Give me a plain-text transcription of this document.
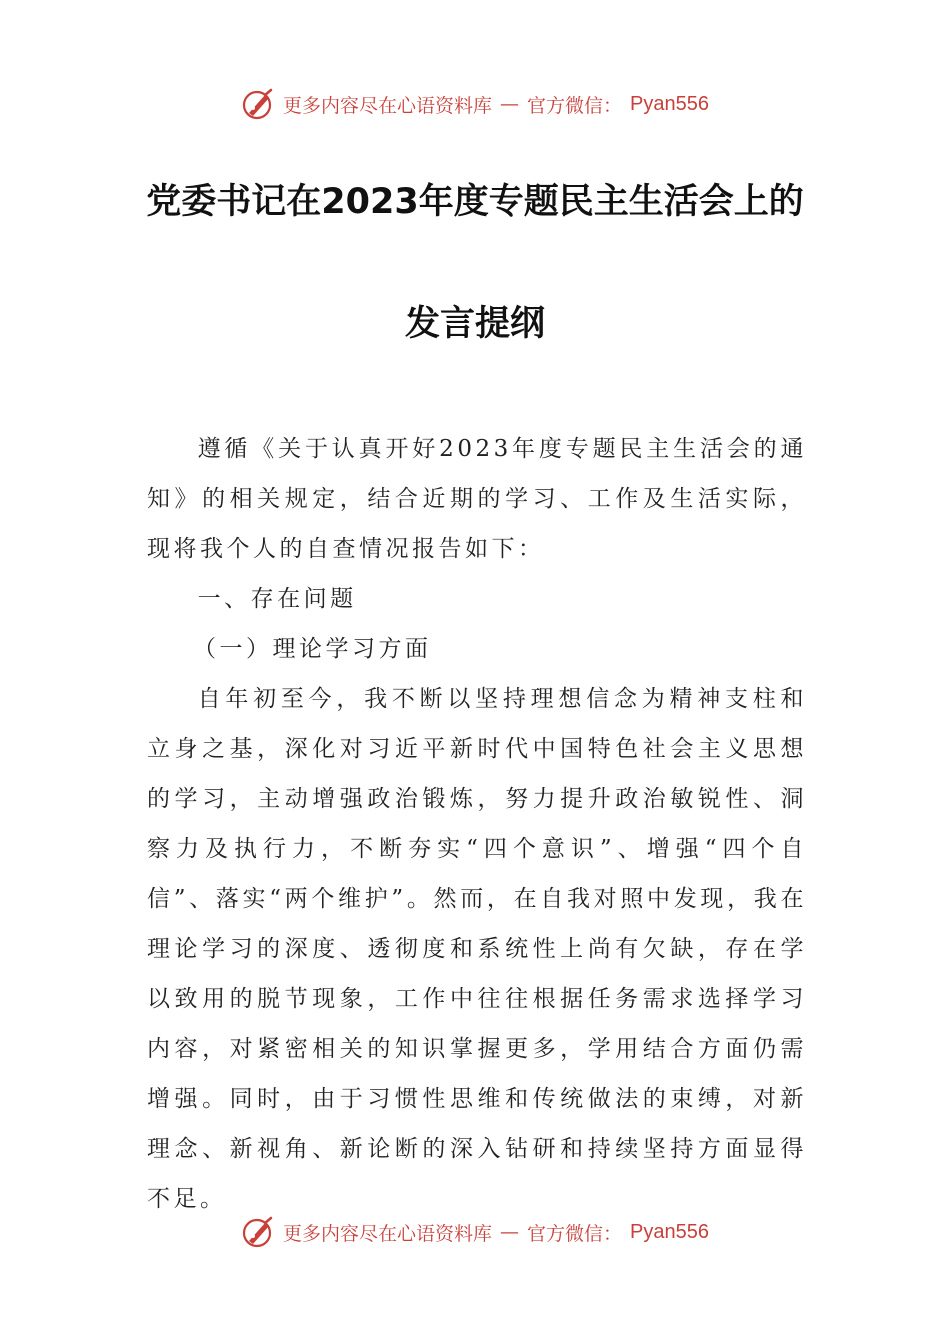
更多内容尽在心语资料库 — 官方微信： Pyan556
党委书记在2023年度专题民主生活会上的
发言提纲

遵循《关于认真开好2023年度专题民主生活会的通知》的相关规定，结合近期的学习、工作及生活实际，现将我个人的自查情况报告如下：

一、存在问题

（一）理论学习方面

自年初至今，我不断以坚持理想信念为精神支柱和立身之基，深化对习近平新时代中国特色社会主义思想的学习，主动增强政治锻炼，努力提升政治敏锐性、洞察力及执行力，不断夯实“四个意识”、增强“四个自信”、落实“两个维护”。然而，在自我对照中发现，我在理论学习的深度、透彻度和系统性上尚有欠缺，存在学以致用的脱节现象，工作中往往根据任务需求选择学习内容，对紧密相关的知识掌握更多，学用结合方面仍需增强。同时，由于习惯性思维和传统做法的束缚，对新理念、新视角、新论断的深入钻研和持续坚持方面显得不足。

更多内容尽在心语资料库 — 官方微信： Pyan556
